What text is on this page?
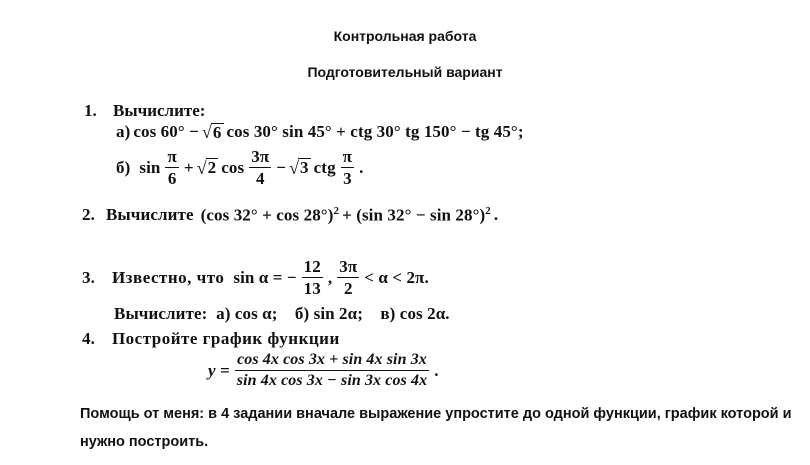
Контрольная работа
Подготовительный вариант
1. Вычислите:
а) cos 60° − √ 6 cos 30° sin 45° + ctg 30° tg 150° − tg 45°;
б) $\sin \frac{\pi}{6}$ + √ 2 $\cos \frac{3\pi}{4}$ − √ 3 ctg $\frac{\pi}{3}$ .
2. Вычислите (cos 32° + cos 28°)$^2$ + (sin 32° − sin 28°)$^2$ .
3. Известно, что sin α = − $\frac{12}{13}$ , $\frac{3\pi}{2} < \alpha < 2\pi$.
Вычислите:  а) cos α;    б) sin 2α;    в) cos 2α.
4. Постройте график функции
$y = \frac{\text{cos 4x cos 3x + sin 4x sin 3x}}{\text{sin 4x cos 3x − sin 3x cos 4x}}$ .
Помощь от меня: в 4 задании вначале выражение упростите до одной функции, график которой и нужно построить.
